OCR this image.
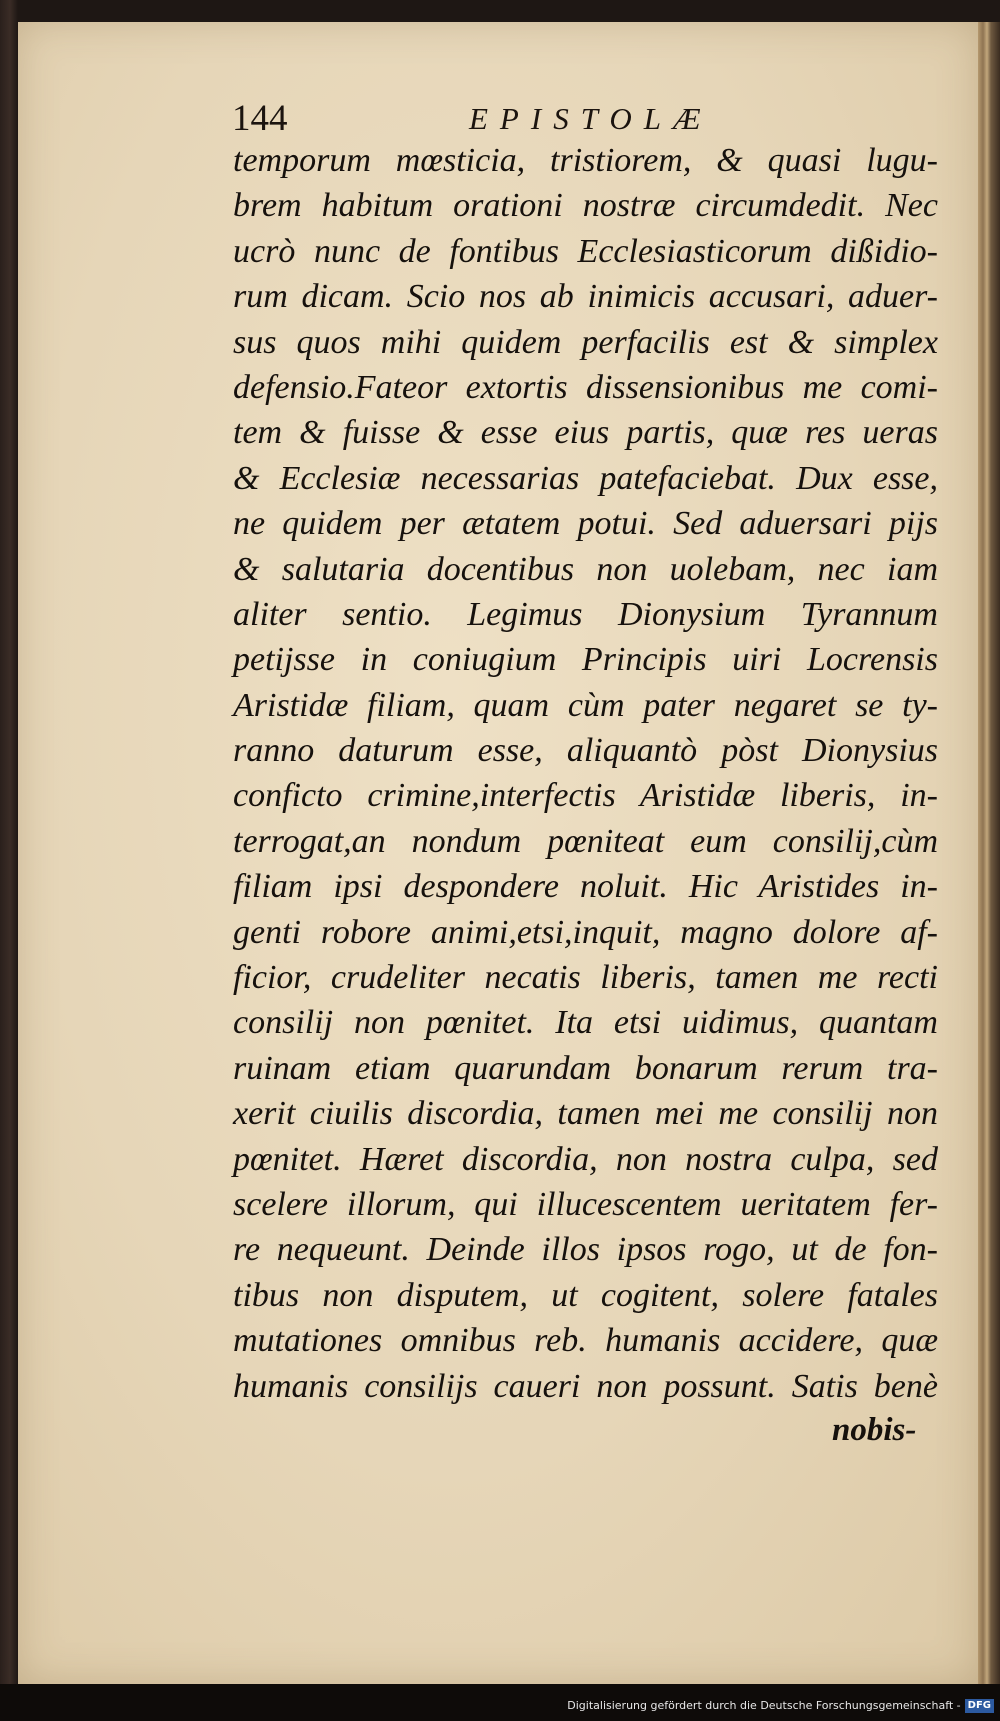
144	EPISTOLÆ
temporum mœsticia, tristiorem, & quasi lugu-
brem habitum orationi nostræ circumdedit. Nec
ucrò nunc de fontibus Ecclesiasticorum dißidio-
rum dicam. Scio nos ab inimicis accusari, aduer-
sus quos mihi quidem perfacilis est & simplex
defensio.Fateor extortis dissensionibus me comi-
tem & fuisse & esse eius partis, quæ res ueras
& Ecclesiæ necessarias patefaciebat. Dux esse,
ne quidem per ætatem potui. Sed aduersari pijs
& salutaria docentibus non uolebam, nec iam
aliter sentio. Legimus Dionysium Tyrannum
petijsse in coniugium Principis uiri Locrensis
Aristidæ filiam, quam cùm pater negaret se ty-
ranno daturum esse, aliquantò pòst Dionysius
conficto crimine,interfectis Aristidæ liberis, in-
terrogat,an nondum pœniteat eum consilij,cùm
filiam ipsi despondere noluit. Hic Aristides in-
genti robore animi,etsi,inquit, magno dolore af-
ficior, crudeliter necatis liberis, tamen me recti
consilij non pœnitet. Ita etsi uidimus, quantam
ruinam etiam quarundam bonarum rerum tra-
xerit ciuilis discordia, tamen mei me consilij non
pœnitet. Hæret discordia, non nostra culpa, sed
scelere illorum, qui illucescentem ueritatem fer-
re nequeunt. Deinde illos ipsos rogo, ut de fon-
tibus non disputem, ut cogitent, solere fatales
mutationes omnibus reb. humanis accidere, quæ
humanis consilijs caueri non possunt. Satis benè
nobis-
Digitalisierung gefördert durch die Deutsche Forschungsgemeinschaft - DFG
